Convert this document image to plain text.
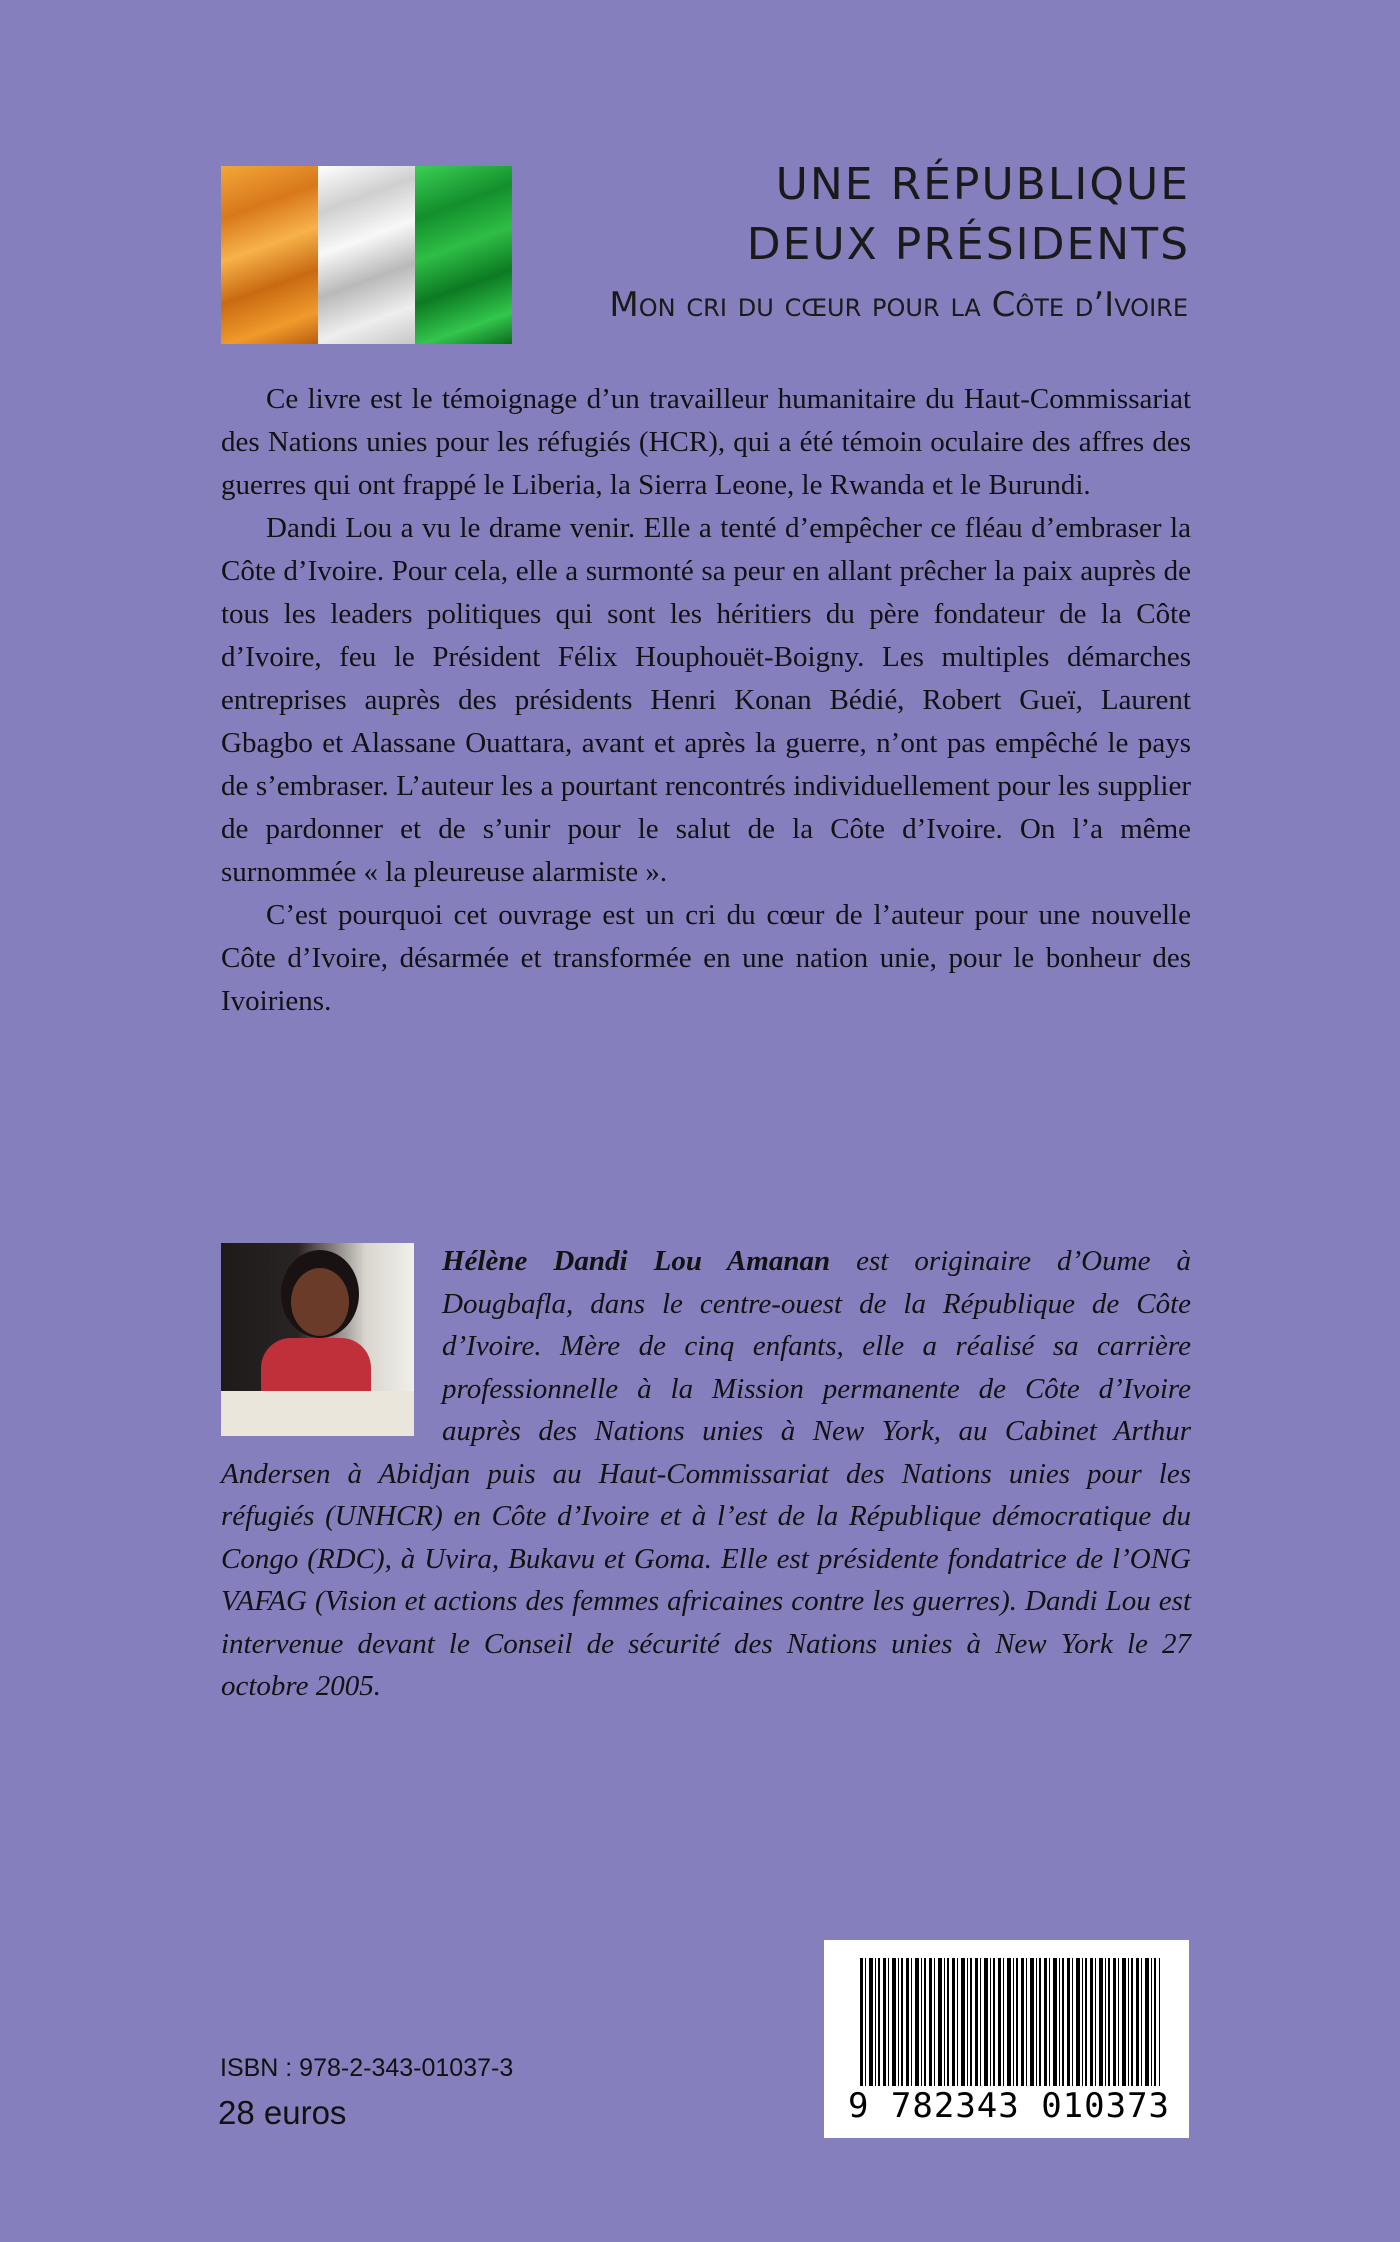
UNE RÉPUBLIQUE
DEUX PRÉSIDENTS

Mon cri du cœur pour la Côte d’Ivoire

Ce livre est le témoignage d’un travailleur humanitaire du Haut-Commissariat des Nations unies pour les réfugiés (HCR), qui a été témoin oculaire des affres des guerres qui ont frappé le Liberia, la Sierra Leone, le Rwanda et le Burundi.

Dandi Lou a vu le drame venir. Elle a tenté d’empêcher ce fléau d’embraser la Côte d’Ivoire. Pour cela, elle a surmonté sa peur en allant prêcher la paix auprès de tous les leaders politiques qui sont les héritiers du père fondateur de la Côte d’Ivoire, feu le Président Félix Houphouët-Boigny. Les multiples démarches entreprises auprès des présidents Henri Konan Bédié, Robert Gueï, Laurent Gbagbo et Alassane Ouattara, avant et après la guerre, n’ont pas empêché le pays de s’embraser. L’auteur les a pourtant rencontrés individuellement pour les supplier de pardonner et de s’unir pour le salut de la Côte d’Ivoire. On l’a même surnommée « la pleureuse alarmiste ».

C’est pourquoi cet ouvrage est un cri du cœur de l’auteur pour une nouvelle Côte d’Ivoire, désarmée et transformée en une nation unie, pour le bonheur des Ivoiriens.

Hélène Dandi Lou Amanan est originaire d’Oume à Dougbafla, dans le centre-ouest de la République de Côte d’Ivoire. Mère de cinq enfants, elle a réalisé sa carrière professionnelle à la Mission permanente de Côte d’Ivoire auprès des Nations unies à New York, au Cabinet Arthur Andersen à Abidjan puis au Haut-Commissariat des Nations unies pour les réfugiés (UNHCR) en Côte d’Ivoire et à l’est de la République démocratique du Congo (RDC), à Uvira, Bukavu et Goma. Elle est présidente fondatrice de l’ONG VAFAG (Vision et actions des femmes africaines contre les guerres). Dandi Lou est intervenue devant le Conseil de sécurité des Nations unies à New York le 27 octobre 2005.

ISBN : 978-2-343-01037-3

28 euros	9 782343 010373
